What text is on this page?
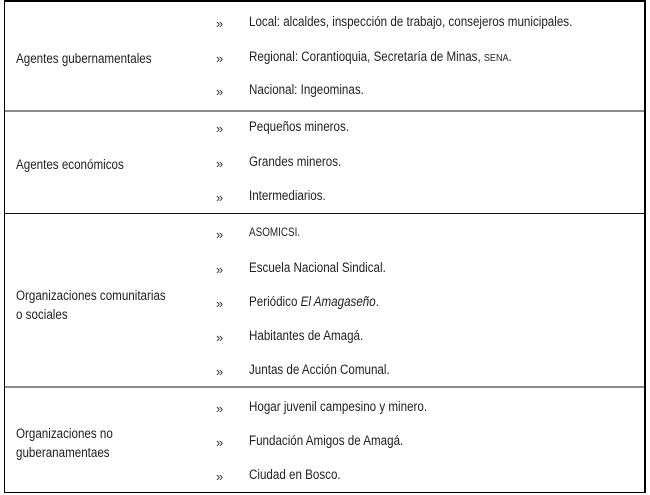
Agentes gubernamentales
» Local: alcaldes, inspección de trabajo, consejeros municipales.
» Regional: Corantioquia, Secretaría de Minas, SENA.
» Nacional: Ingeominas.
Agentes económicos
» Pequeños mineros.
» Grandes mineros.
» Intermediarios.
Organizaciones comunitarias
o sociales
» ASOMICSI.
» Escuela Nacional Sindical.
» Periódico El Amagaseño.
» Habitantes de Amagá.
» Juntas de Acción Comunal.
Organizaciones no
guberanamentaes
» Hogar juvenil campesino y minero.
» Fundación Amigos de Amagá.
» Ciudad en Bosco.
